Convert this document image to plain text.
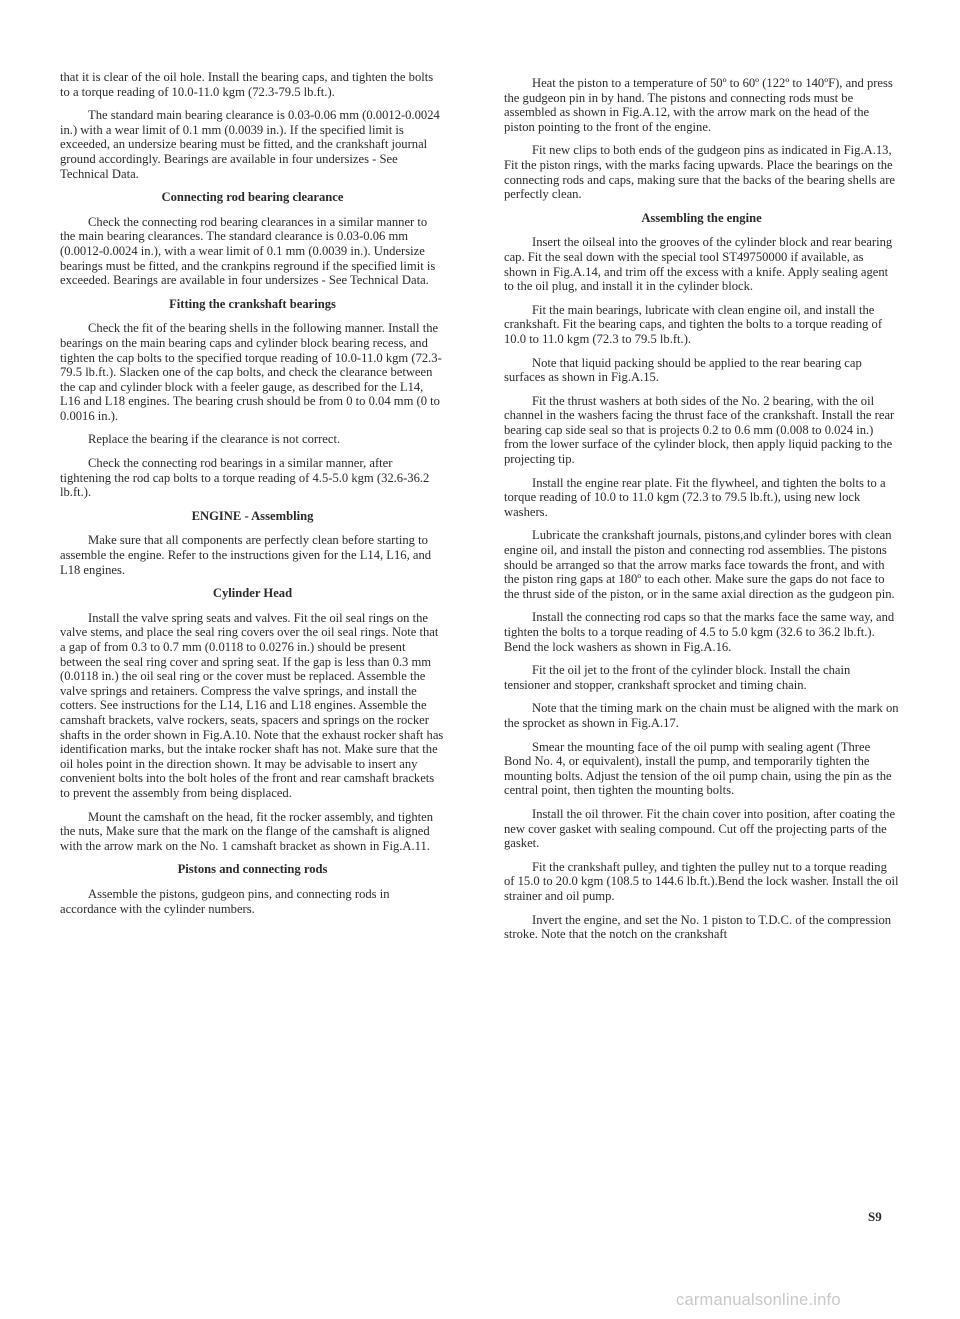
that it is clear of the oil hole. Install the bearing caps, and tighten the bolts to a torque reading of 10.0-11.0 kgm (72.3-79.5 lb.ft.).

The standard main bearing clearance is 0.03-0.06 mm (0.0012-0.0024 in.) with a wear limit of 0.1 mm (0.0039 in.). If the specified limit is exceeded, an undersize bearing must be fitted, and the crankshaft journal ground accordingly. Bearings are available in four undersizes - See Technical Data.

Connecting rod bearing clearance

Check the connecting rod bearing clearances in a similar manner to the main bearing clearances. The standard clearance is 0.03-0.06 mm (0.0012-0.0024 in.), with a wear limit of 0.1 mm (0.0039 in.). Undersize bearings must be fitted, and the crankpins reground if the specified limit is exceeded. Bearings are available in four undersizes - See Technical Data.

Fitting the crankshaft bearings

Check the fit of the bearing shells in the following manner. Install the bearings on the main bearing caps and cylinder block bearing recess, and tighten the cap bolts to the specified torque reading of 10.0-11.0 kgm (72.3-79.5 lb.ft.). Slacken one of the cap bolts, and check the clearance between the cap and cylinder block with a feeler gauge, as described for the L14, L16 and L18 engines. The bearing crush should be from 0 to 0.04 mm (0 to 0.0016 in.).

Replace the bearing if the clearance is not correct.

Check the connecting rod bearings in a similar manner, after tightening the rod cap bolts to a torque reading of 4.5-5.0 kgm (32.6-36.2 lb.ft.).

ENGINE - Assembling

Make sure that all components are perfectly clean before starting to assemble the engine. Refer to the instructions given for the L14, L16, and L18 engines.

Cylinder Head

Install the valve spring seats and valves. Fit the oil seal rings on the valve stems, and place the seal ring covers over the oil seal rings. Note that a gap of from 0.3 to 0.7 mm (0.0118 to 0.0276 in.) should be present between the seal ring cover and spring seat. If the gap is less than 0.3 mm (0.0118 in.) the oil seal ring or the cover must be replaced. Assemble the valve springs and retainers. Compress the valve springs, and install the cotters. See instructions for the L14, L16 and L18 engines. Assemble the camshaft brackets, valve rockers, seats, spacers and springs on the rocker shafts in the order shown in Fig.A.10. Note that the exhaust rocker shaft has identification marks, but the intake rocker shaft has not. Make sure that the oil holes point in the direction shown. It may be advisable to insert any convenient bolts into the bolt holes of the front and rear camshaft brackets to prevent the assembly from being displaced.

Mount the camshaft on the head, fit the rocker assembly, and tighten the nuts, Make sure that the mark on the flange of the camshaft is aligned with the arrow mark on the No. 1 camshaft bracket as shown in Fig.A.11.

Pistons and connecting rods

Assemble the pistons, gudgeon pins, and connecting rods in accordance with the cylinder numbers.

Heat the piston to a temperature of 50º to 60º (122º to 140ºF), and press the gudgeon pin in by hand. The pistons and connecting rods must be assembled as shown in Fig.A.12, with the arrow mark on the head of the piston pointing to the front of the engine.

Fit new clips to both ends of the gudgeon pins as indicated in Fig.A.13, Fit the piston rings, with the marks facing upwards. Place the bearings on the connecting rods and caps, making sure that the backs of the bearing shells are perfectly clean.

Assembling the engine

Insert the oilseal into the grooves of the cylinder block and rear bearing cap. Fit the seal down with the special tool ST49750000 if available, as shown in Fig.A.14, and trim off the excess with a knife. Apply sealing agent to the oil plug, and install it in the cylinder block.

Fit the main bearings, lubricate with clean engine oil, and install the crankshaft. Fit the bearing caps, and tighten the bolts to a torque reading of 10.0 to 11.0 kgm (72.3 to 79.5 lb.ft.).

Note that liquid packing should be applied to the rear bearing cap surfaces as shown in Fig.A.15.

Fit the thrust washers at both sides of the No. 2 bearing, with the oil channel in the washers facing the thrust face of the crankshaft. Install the rear bearing cap side seal so that is projects 0.2 to 0.6 mm (0.008 to 0.024 in.) from the lower surface of the cylinder block, then apply liquid packing to the projecting tip.

Install the engine rear plate. Fit the flywheel, and tighten the bolts to a torque reading of 10.0 to 11.0 kgm (72.3 to 79.5 lb.ft.), using new lock washers.

Lubricate the crankshaft journals, pistons,and cylinder bores with clean engine oil, and install the piston and connecting rod assemblies. The pistons should be arranged so that the arrow marks face towards the front, and with the piston ring gaps at 180º to each other. Make sure the gaps do not face to the thrust side of the piston, or in the same axial direction as the gudgeon pin.

Install the connecting rod caps so that the marks face the same way, and tighten the bolts to a torque reading of 4.5 to 5.0 kgm (32.6 to 36.2 lb.ft.). Bend the lock washers as shown in Fig.A.16.

Fit the oil jet to the front of the cylinder block. Install the chain tensioner and stopper, crankshaft sprocket and timing chain.

Note that the timing mark on the chain must be aligned with the mark on the sprocket as shown in Fig.A.17.

Smear the mounting face of the oil pump with sealing agent (Three Bond No. 4, or equivalent), install the pump, and temporarily tighten the mounting bolts. Adjust the tension of the oil pump chain, using the pin as the central point, then tighten the mounting bolts.

Install the oil thrower. Fit the chain cover into position, after coating the new cover gasket with sealing compound. Cut off the projecting parts of the gasket.

Fit the crankshaft pulley, and tighten the pulley nut to a torque reading of 15.0 to 20.0 kgm (108.5 to 144.6 lb.ft.).Bend the lock washer. Install the oil strainer and oil pump.

Invert the engine, and set the No. 1 piston to T.D.C. of the compression stroke. Note that the notch on the crankshaft

S9
carmanualsonline.info
